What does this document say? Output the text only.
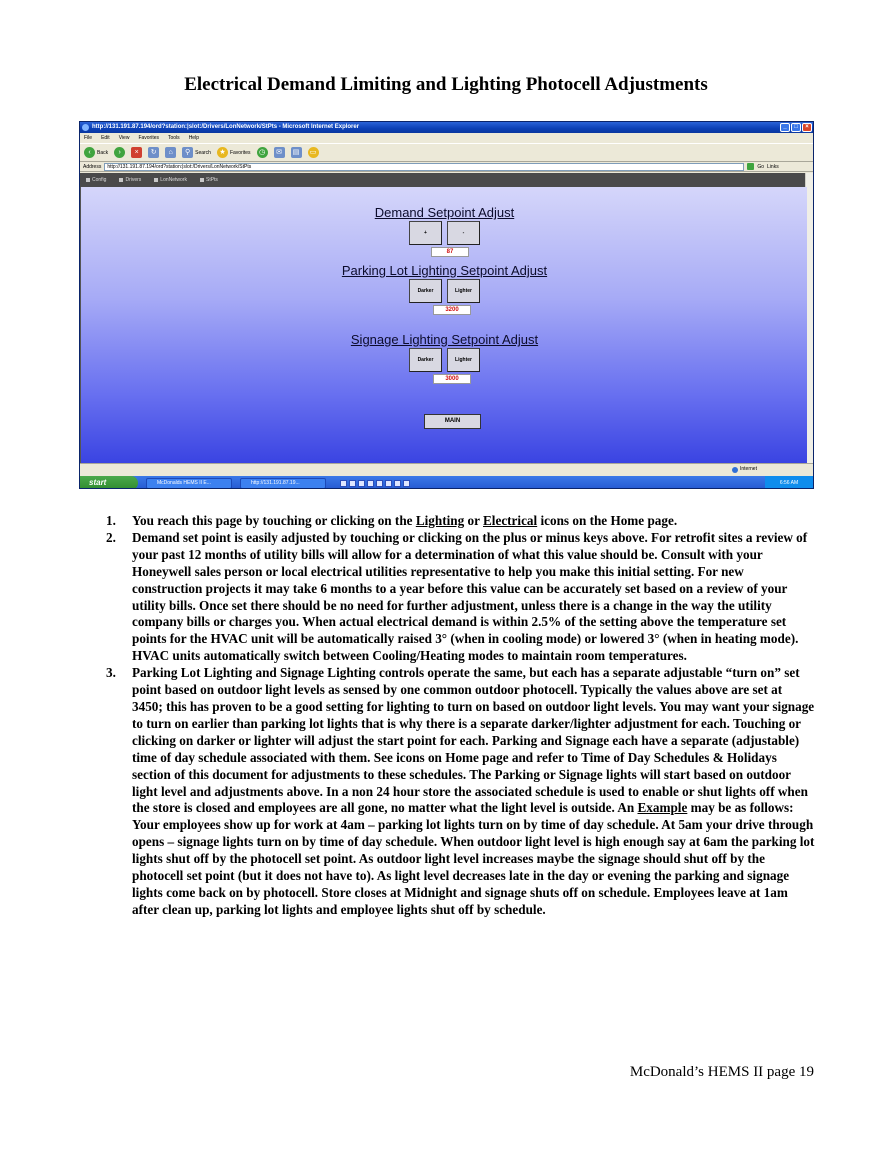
Electrical Demand Limiting and Lighting Photocell Adjustments
http://131.191.87.194/ord?station:|slot:/Drivers/LonNetwork/StPts - Microsoft Internet Explorer	_	□	×
File Edit View Favorites Tools Help
‹	Back	›	×	↻	⌂	⚲ Search	★ Favorites	◷	✉	▤	▭
Address	http://131.191.87.194/ord?station:|slot:/Drivers/LonNetwork/StPts	Go Links
Config	Drivers	LonNetwork	StPts
Demand Setpoint Adjust
+	-
87
Parking Lot Lighting Setpoint Adjust
Darker	Lighter
3200
Signage Lighting Setpoint Adjust
Darker	Lighter
3000
MAIN
Internet
start	McDonalds HEMS II E...	http://131.191.87.19...	6:56 AM
1.	You reach this page by touching or clicking on the Lighting or Electrical icons on the Home page.
2.	Demand set point is easily adjusted by touching or clicking on the plus or minus keys above. For retrofit sites a review of your past 12 months of utility bills will allow for a determination of what this value should be. Consult with your Honeywell sales person or local electrical utilities representative to help you make this initial setting. For new construction projects it may take 6 months to a year before this value can be accurately set based on a review of your utility bills. Once set there should be no need for further adjustment, unless there is a change in the way the utility company bills or charges you. When actual electrical demand is within 2.5% of the setting above the temperature set points for the HVAC unit will be automatically raised 3° (when in cooling mode) or lowered 3° (when in heating mode). HVAC units automatically switch between Cooling/Heating modes to maintain room temperatures.
3.	Parking Lot Lighting and Signage Lighting controls operate the same, but each has a separate adjustable “turn on” set point based on outdoor light levels as sensed by one common outdoor photocell. Typically the values above are set at 3450; this has proven to be a good setting for lighting to turn on based on outdoor light levels. You may want your signage to turn on earlier than parking lot lights that is why there is a separate darker/lighter adjustment for each. Touching or clicking on darker or lighter will adjust the start point for each. Parking and Signage each have a separate (adjustable) time of day schedule associated with them. See icons on Home page and refer to Time of Day Schedules & Holidays section of this document for adjustments to these schedules. The Parking or Signage lights will start based on outdoor light level and adjustments above. In a non 24 hour store the associated schedule is used to enable or shut lights off when the store is closed and employees are all gone, no matter what the light level is outside. An Example may be as follows: Your employees show up for work at 4am – parking lot lights turn on by time of day schedule. At 5am your drive through opens – signage lights turn on by time of day schedule. When outdoor light level is high enough say at 6am the parking lot lights shut off by the photocell set point. As outdoor light level increases maybe the signage should shut off by the photocell set point (but it does not have to). As light level decreases late in the day or evening the parking and signage lights come back on by photocell. Store closes at Midnight and signage shuts off on schedule. Employees leave at 1am after clean up, parking lot lights and employee lights shut off by schedule.
McDonald’s HEMS II page 19
